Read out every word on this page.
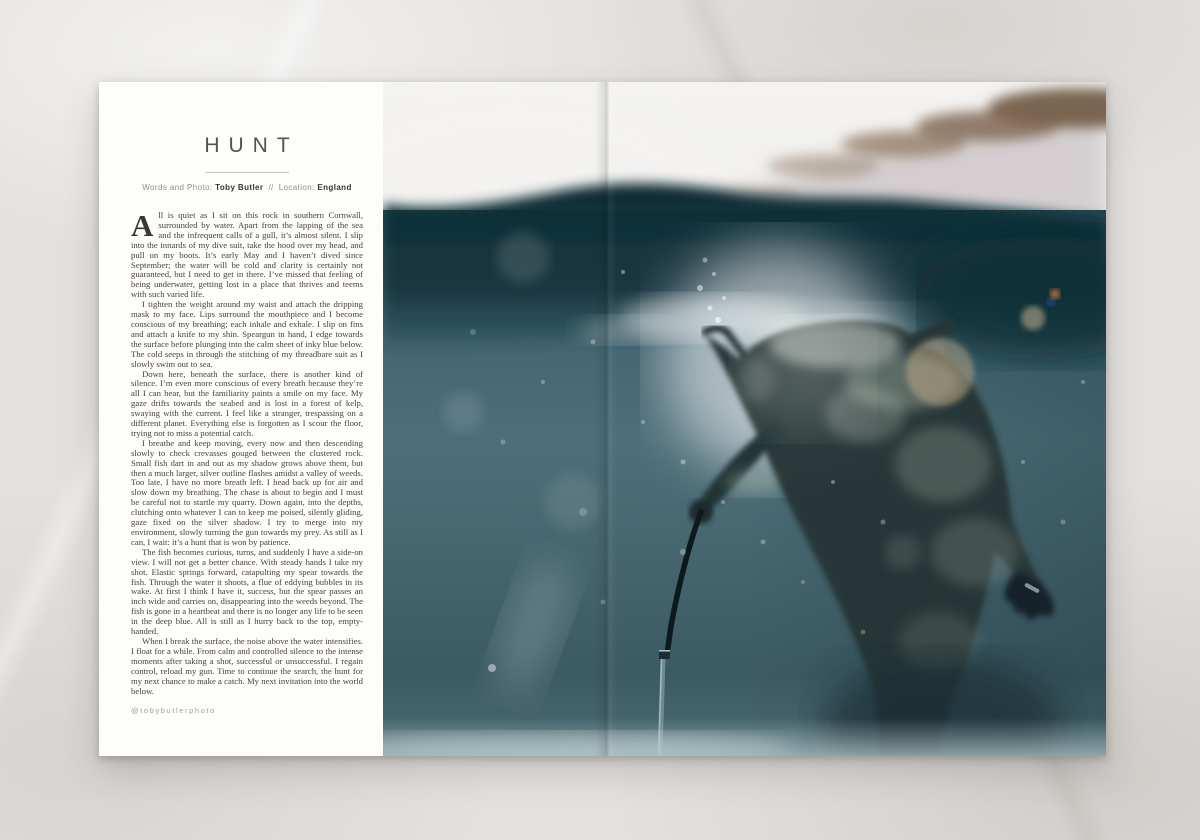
HUNT

Words and Photo: Toby Butler // Location: England

All is quiet as I sit on this rock in southern Cornwall, surrounded by water. Apart from the lapping of the sea and the infrequent calls of a gull, it’s almost silent. I slip into the innards of my dive suit, take the hood over my head, and pull on my boots. It’s early May and I haven’t dived since September; the water will be cold and clarity is certainly not guaranteed, but I need to get in there. I’ve missed that feeling of being underwater, getting lost in a place that thrives and teems with such varied life.

I tighten the weight around my waist and attach the dripping mask to my face. Lips surround the mouthpiece and I become conscious of my breathing; each inhale and exhale. I slip on fins and attach a knife to my shin. Speargun in hand, I edge towards the surface before plunging into the calm sheet of inky blue below. The cold seeps in through the stitching of my threadbare suit as I slowly swim out to sea.

Down here, beneath the surface, there is another kind of silence. I’m even more conscious of every breath because they’re all I can hear, but the familiarity paints a smile on my face. My gaze drifts towards the seabed and is lost in a forest of kelp, swaying with the current. I feel like a stranger, trespassing on a different planet. Everything else is forgotten as I scour the floor, trying not to miss a potential catch.

I breathe and keep moving, every now and then descending slowly to check crevasses gouged between the clustered rock. Small fish dart in and out as my shadow grows above them, but then a much larger, silver outline flashes amidst a valley of weeds. Too late, I have no more breath left. I head back up for air and slow down my breathing. The chase is about to begin and I must be careful not to startle my quarry. Down again, into the depths, clutching onto whatever I can to keep me poised, silently gliding, gaze fixed on the silver shadow. I try to merge into my environment, slowly turning the gun towards my prey. As still as I can, I wait: it’s a hunt that is won by patience.

The fish becomes curious, turns, and suddenly I have a side-on view. I will not get a better chance. With steady hands I take my shot. Elastic springs forward, catapulting my spear towards the fish. Through the water it shoots, a flue of eddying bubbles in its wake. At first I think I have it, success, but the spear passes an inch wide and carries on, disappearing into the weeds beyond. The fish is gone in a heartbeat and there is no longer any life to be seen in the deep blue. All is still as I hurry back to the top, empty-handed.

When I break the surface, the noise above the water intensifies. I float for a while. From calm and controlled silence to the intense moments after taking a shot, successful or unsuccessful. I regain control, reload my gun. Time to continue the search, the hunt for my next chance to make a catch. My next invitation into the world below.

@tobybutlerphoto
